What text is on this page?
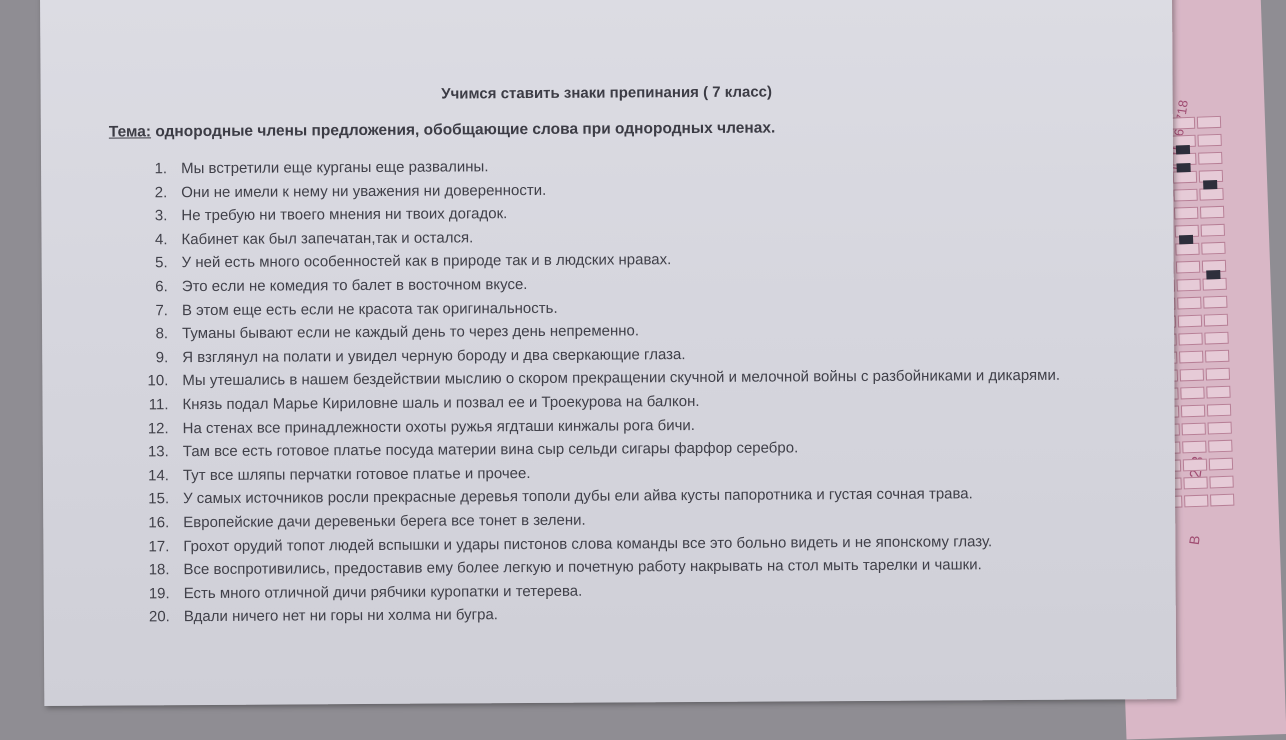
2
В
Учимся ставить знаки препинания ( 7 класс)
Тема: однородные члены предложения, обобщающие слова при однородных членах.
1. Мы встретили еще курганы еще развалины.
2. Они не имели к нему ни уважения ни доверенности.
3. Не требую ни твоего мнения ни твоих догадок.
4. Кабинет как был запечатан,так и остался.
5. У ней есть много особенностей как в природе так и в людских нравах.
6. Это если не комедия то балет в восточном вкусе.
7. В этом еще есть если не красота так оригинальность.
8. Туманы бывают если не каждый день то через день непременно.
9. Я взглянул на полати и увидел черную бороду и два сверкающие глаза.
10. Мы утешались в нашем бездействии мыслию о скором прекращении скучной и мелочной войны с разбойниками и дикарями.
11. Князь подал Марье Кириловне шаль и позвал ее и Троекурова на балкон.
12. На стенах все принадлежности охоты ружья ягдташи кинжалы рога бичи.
13. Там все есть готовое платье посуда материи вина сыр сельди сигары фарфор серебро.
14. Тут все шляпы перчатки готовое платье и прочее.
15. У самых источников росли прекрасные деревья тополи дубы ели айва кусты папоротника и густая сочная трава.
16. Европейские дачи деревеньки берега все тонет в зелени.
17. Грохот орудий топот людей вспышки и удары пистонов слова команды все это больно видеть и не японскому глазу.
18. Все воспротивились, предоставив ему более легкую и почетную работу накрывать на стол мыть тарелки и чашки.
19. Есть много отличной дичи рябчики куропатки и тетерева.
20. Вдали ничего нет ни горы ни холма ни бугра.
